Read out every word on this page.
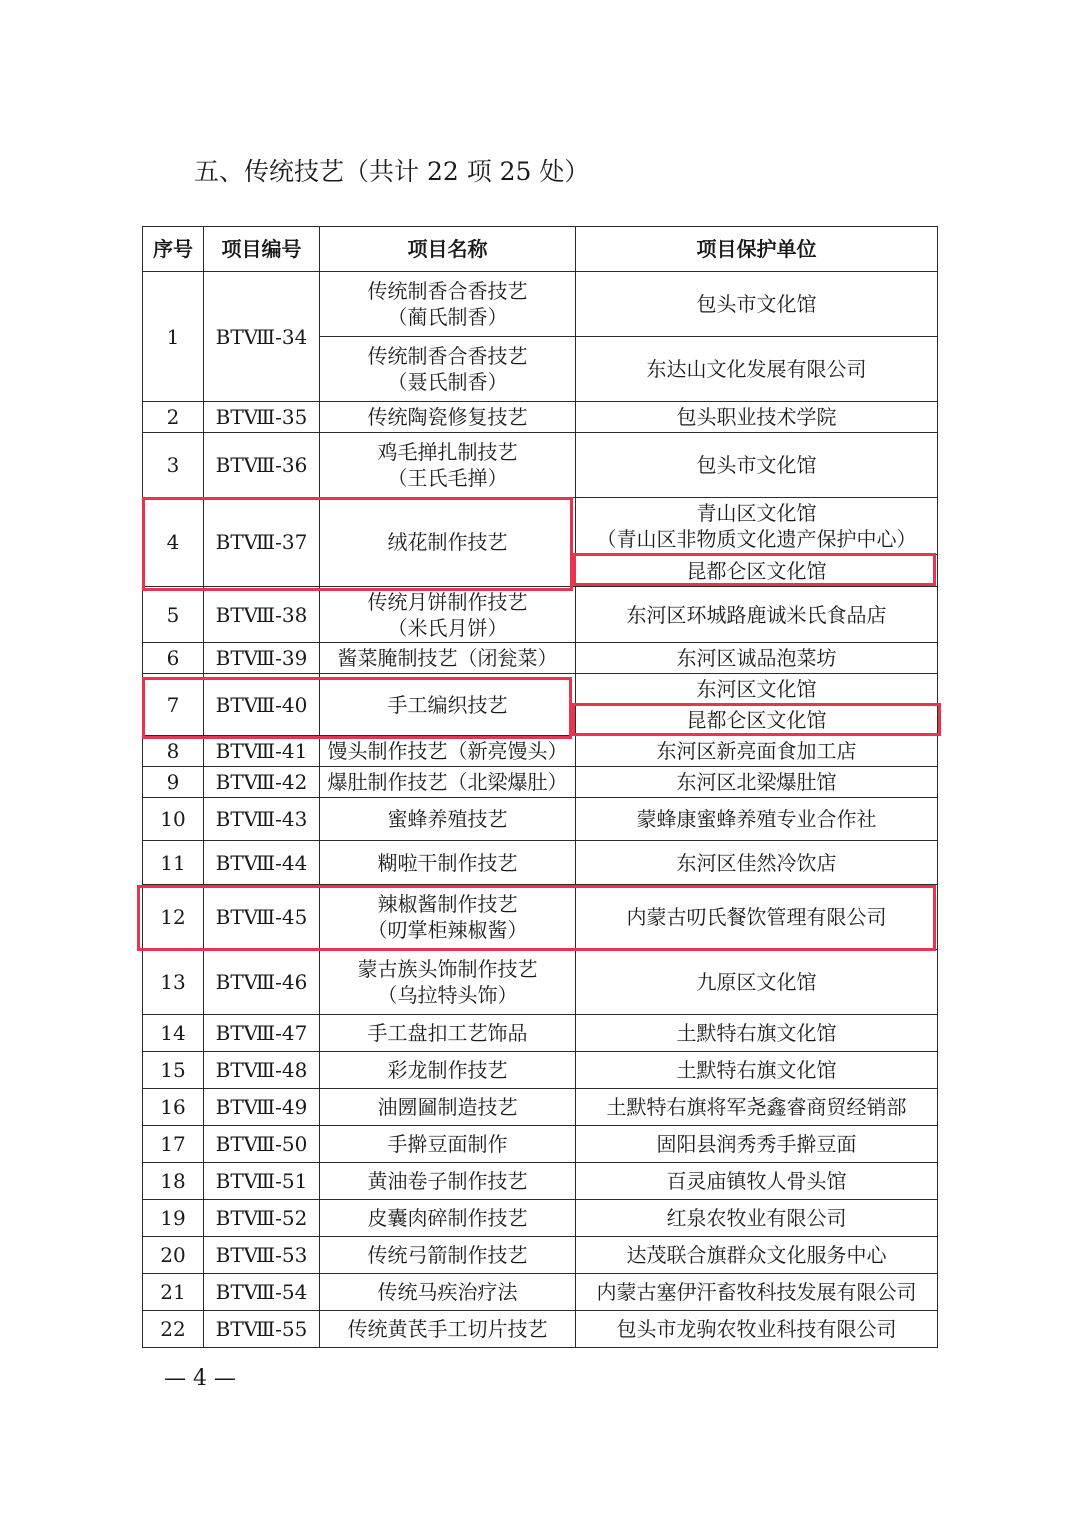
五、传统技艺（共计 22 项 25 处）
序号	项目编号	项目名称	项目保护单位
1	BTⅧ-34	传统制香合香技艺
（蔺氏制香）	包头市文化馆

		传统制香合香技艺
（聂氏制香）	东达山文化发展有限公司
2	BTⅧ-35	传统陶瓷修复技艺	包头职业技术学院
3	BTⅧ-36	鸡毛掸扎制技艺
（王氏毛掸）	包头市文化馆
4	BTⅧ-37	绒花制作技艺	青山区文化馆
（青山区非物质文化遗产保护中心）

			昆都仑区文化馆
5	BTⅧ-38	传统月饼制作技艺
（米氏月饼）	东河区环城路鹿诚米氏食品店
6	BTⅧ-39	酱菜腌制技艺（闭瓮菜）	东河区诚品泡菜坊
7	BTⅧ-40	手工编织技艺	东河区文化馆
			昆都仑区文化馆
8	BTⅧ-41	馒头制作技艺（新亮馒头）	东河区新亮面食加工店
9	BTⅧ-42	爆肚制作技艺（北梁爆肚）	东河区北梁爆肚馆
10	BTⅧ-43	蜜蜂养殖技艺	蒙蜂康蜜蜂养殖专业合作社
11	BTⅧ-44	糊啦干制作技艺	东河区佳然冷饮店
12	BTⅧ-45	辣椒酱制作技艺
（叨掌柜辣椒酱）	内蒙古叨氏餐饮管理有限公司
13	BTⅧ-46	蒙古族头饰制作技艺
（乌拉特头饰）	九原区文化馆
14	BTⅧ-47	手工盘扣工艺饰品	土默特右旗文化馆
15	BTⅧ-48	彩龙制作技艺	土默特右旗文化馆
16	BTⅧ-49	油圐圙制造技艺	土默特右旗将军尧鑫睿商贸经销部
17	BTⅧ-50	手擀豆面制作	固阳县润秀秀手擀豆面
18	BTⅧ-51	黄油卷子制作技艺	百灵庙镇牧人骨头馆
19	BTⅧ-52	皮囊肉碎制作技艺	红泉农牧业有限公司
20	BTⅧ-53	传统弓箭制作技艺	达茂联合旗群众文化服务中心
21	BTⅧ-54	传统马疾治疗法	内蒙古塞伊汗畜牧科技发展有限公司
22	BTⅧ-55	传统黄芪手工切片技艺	包头市龙驹农牧业科技有限公司
— 4 —
